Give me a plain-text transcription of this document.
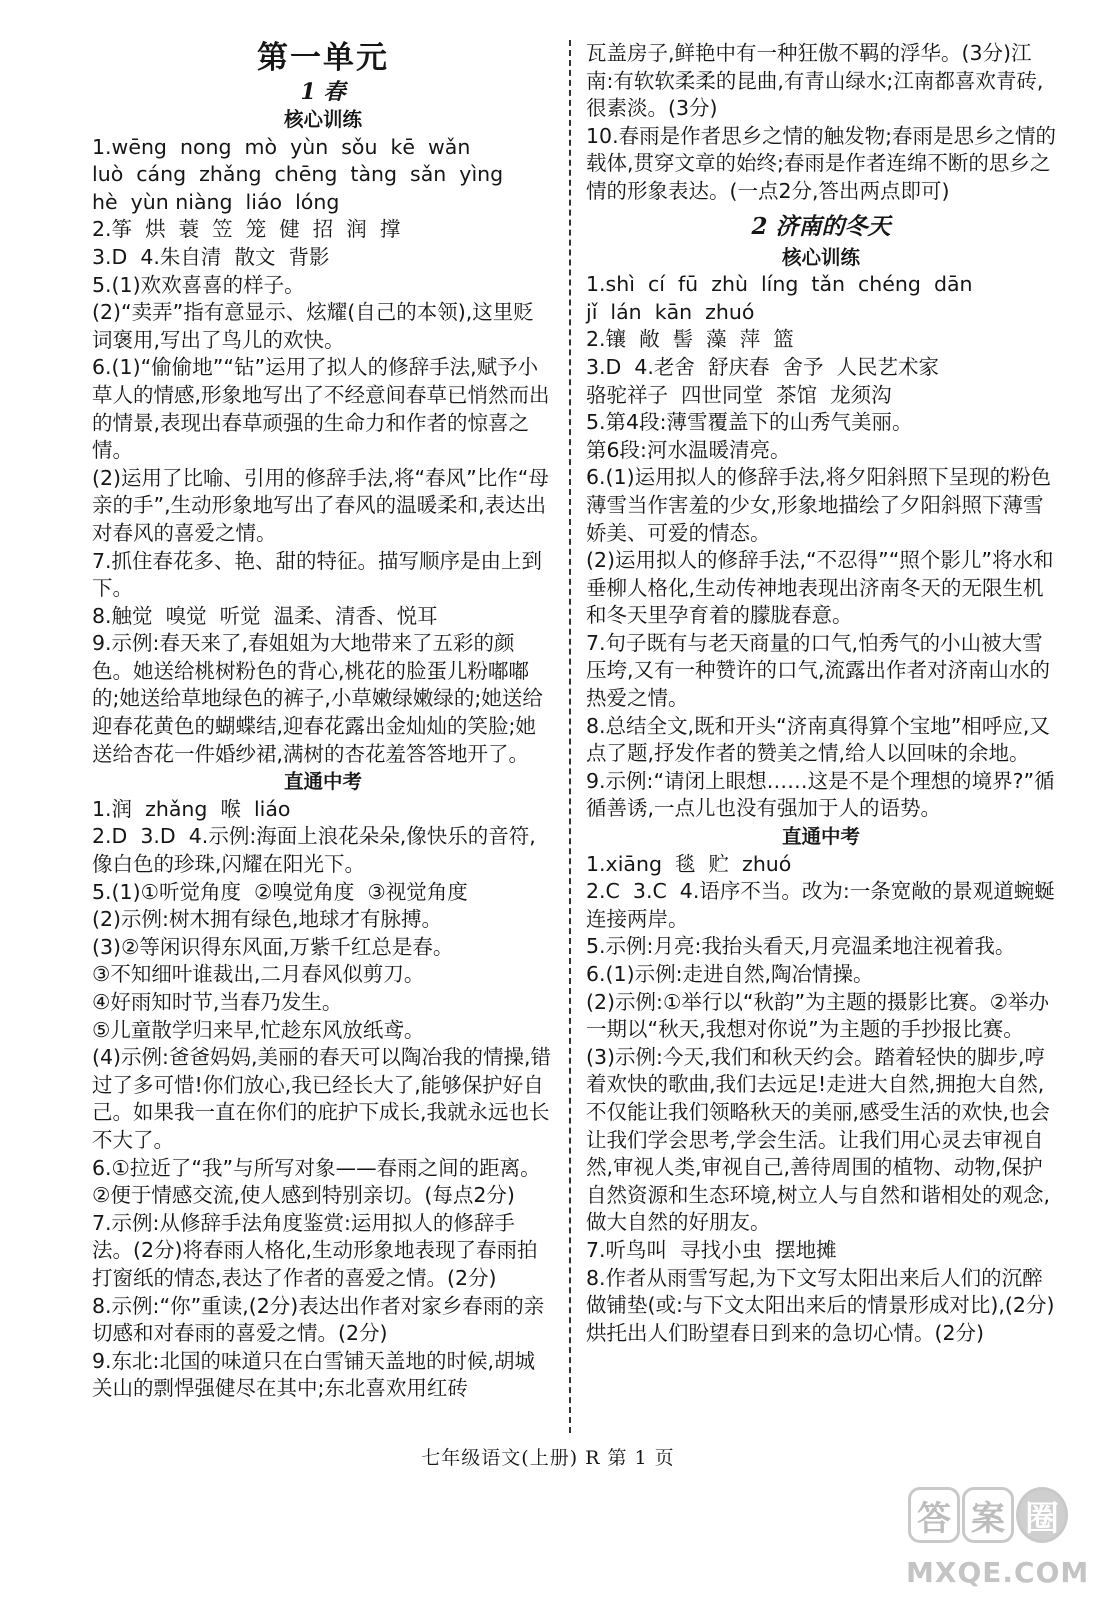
第一单元
1 春
核心训练

1.wēng  nong  mò  yùn  sǒu  kē  wǎn

luò  cáng  zhǎng  chēng  tàng  sǎn  yìng

hè  yùn niàng  liáo  lóng

2.筝  烘  蓑  笠  笼  健  招  润  撑

3.D  4.朱自清  散文  背影

5.(1)欢欢喜喜的样子。

(2)“卖弄”指有意显示、炫耀(自己的本领),这里贬词褒用,写出了鸟儿的欢快。

6.(1)“偷偷地”“钻”运用了拟人的修辞手法,赋予小草人的情感,形象地写出了不经意间春草已悄然而出的情景,表现出春草顽强的生命力和作者的惊喜之情。

(2)运用了比喻、引用的修辞手法,将“春风”比作“母亲的手”,生动形象地写出了春风的温暖柔和,表达出对春风的喜爱之情。

7.抓住春花多、艳、甜的特征。描写顺序是由上到下。

8.触觉  嗅觉  听觉  温柔、清香、悦耳

9.示例:春天来了,春姐姐为大地带来了五彩的颜色。她送给桃树粉色的背心,桃花的脸蛋儿粉嘟嘟的;她送给草地绿色的裤子,小草嫩绿嫩绿的;她送给迎春花黄色的蝴蝶结,迎春花露出金灿灿的笑脸;她送给杏花一件婚纱裙,满树的杏花羞答答地开了。

直通中考

1.润  zhǎng  喉  liáo

2.D  3.D  4.示例:海面上浪花朵朵,像快乐的音符,像白色的珍珠,闪耀在阳光下。

5.(1)①听觉角度  ②嗅觉角度  ③视觉角度

(2)示例:树木拥有绿色,地球才有脉搏。

(3)②等闲识得东风面,万紫千红总是春。

③不知细叶谁裁出,二月春风似剪刀。

④好雨知时节,当春乃发生。

⑤儿童散学归来早,忙趁东风放纸鸢。

(4)示例:爸爸妈妈,美丽的春天可以陶冶我的情操,错过了多可惜!你们放心,我已经长大了,能够保护好自己。如果我一直在你们的庇护下成长,我就永远也长不大了。

6.①拉近了“我”与所写对象——春雨之间的距离。②便于情感交流,使人感到特别亲切。(每点2分)

7.示例:从修辞手法角度鉴赏:运用拟人的修辞手法。(2分)将春雨人格化,生动形象地表现了春雨拍打窗纸的情态,表达了作者的喜爱之情。(2分)

8.示例:“你”重读,(2分)表达出作者对家乡春雨的亲切感和对春雨的喜爱之情。(2分)

9.东北:北国的味道只在白雪铺天盖地的时候,胡城关山的剽悍强健尽在其中;东北喜欢用红砖

瓦盖房子,鲜艳中有一种狂傲不羁的浮华。(3分)江南:有软软柔柔的昆曲,有青山绿水;江南都喜欢青砖,很素淡。(3分)

10.春雨是作者思乡之情的触发物;春雨是思乡之情的载体,贯穿文章的始终;春雨是作者连绵不断的思乡之情的形象表达。(一点2分,答出两点即可)

2 济南的冬天
核心训练

1.shì  cí  fū  zhù  líng  tǎn  chéng  dān

jǐ  lán  kān  zhuó

2.镶  敞  髻  藻  萍  篮

3.D  4.老舍  舒庆春  舍予  人民艺术家

骆驼祥子  四世同堂  茶馆  龙须沟

5.第4段:薄雪覆盖下的山秀气美丽。

第6段:河水温暖清亮。

6.(1)运用拟人的修辞手法,将夕阳斜照下呈现的粉色薄雪当作害羞的少女,形象地描绘了夕阳斜照下薄雪娇美、可爱的情态。

(2)运用拟人的修辞手法,“不忍得”“照个影儿”将水和垂柳人格化,生动传神地表现出济南冬天的无限生机和冬天里孕育着的朦胧春意。

7.句子既有与老天商量的口气,怕秀气的小山被大雪压垮,又有一种赞许的口气,流露出作者对济南山水的热爱之情。

8.总结全文,既和开头“济南真得算个宝地”相呼应,又点了题,抒发作者的赞美之情,给人以回味的余地。

9.示例:“请闭上眼想……这是不是个理想的境界?”循循善诱,一点儿也没有强加于人的语势。

直通中考

1.xiāng  毯  贮  zhuó

2.C  3.C  4.语序不当。改为:一条宽敞的景观道蜿蜒连接两岸。

5.示例:月亮:我抬头看天,月亮温柔地注视着我。

6.(1)示例:走进自然,陶冶情操。

(2)示例:①举行以“秋韵”为主题的摄影比赛。②举办一期以“秋天,我想对你说”为主题的手抄报比赛。  (3)示例:今天,我们和秋天约会。踏着轻快的脚步,哼着欢快的歌曲,我们去远足!走进大自然,拥抱大自然,不仅能让我们领略秋天的美丽,感受生活的欢快,也会让我们学会思考,学会生活。让我们用心灵去审视自然,审视人类,审视自己,善待周围的植物、动物,保护自然资源和生态环境,树立人与自然和谐相处的观念,做大自然的好朋友。

7.听鸟叫  寻找小虫  摆地摊

8.作者从雨雪写起,为下文写太阳出来后人们的沉醉做铺垫(或:与下文太阳出来后的情景形成对比),(2分)烘托出人们盼望春日到来的急切心情。(2分)

七年级语文(上册) R 第 1 页
答 案 圈
MXQE.COM
